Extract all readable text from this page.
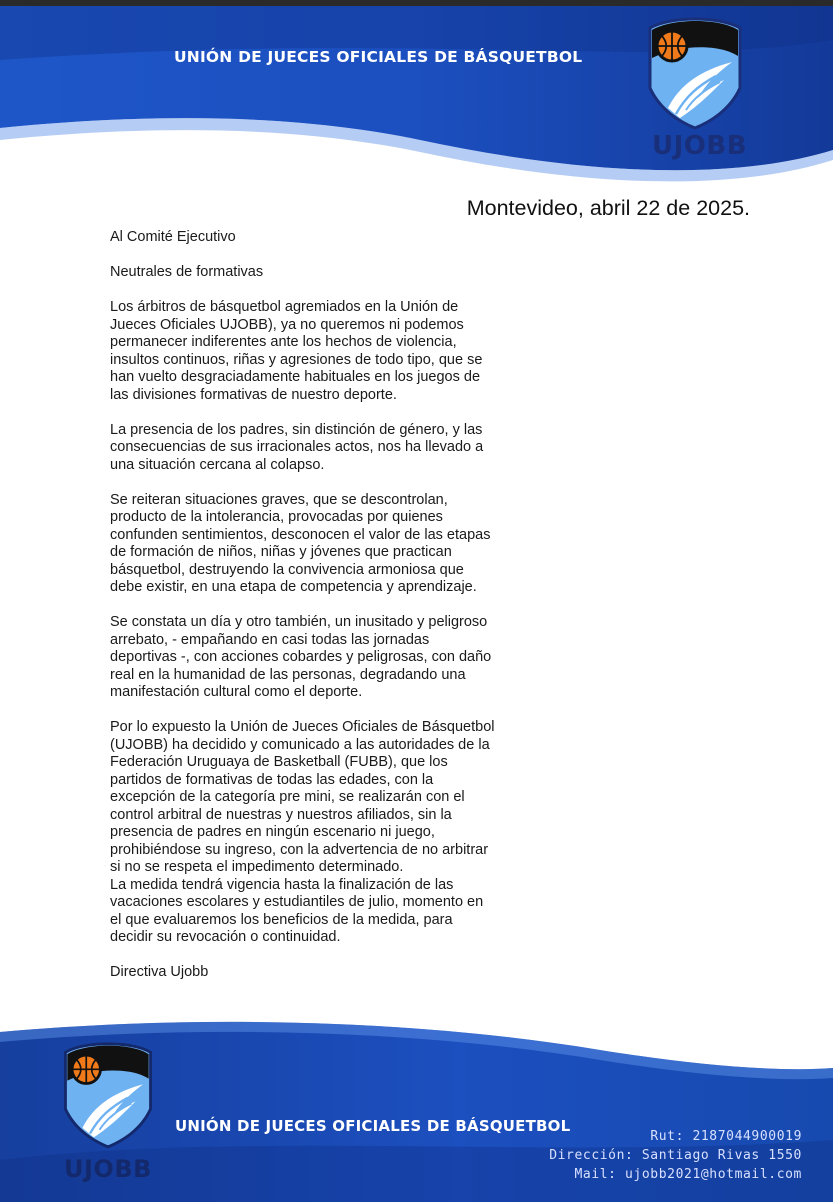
UNIÓN DE JUECES OFICIALES DE BÁSQUETBOL
UJOBB
Montevideo, abril 22 de 2025.
Al Comité Ejecutivo
Neutrales de formativas
Los árbitros de básquetbol agremiados en la Unión de
Jueces Oficiales UJOBB), ya no queremos ni podemos
permanecer indiferentes ante los hechos de violencia,
insultos continuos, riñas y agresiones de todo tipo, que se
han vuelto desgraciadamente habituales en los juegos de
las divisiones formativas de nuestro deporte.
La presencia de los padres, sin distinción de género, y las
consecuencias de sus irracionales actos, nos ha llevado a
una situación cercana al colapso.
Se reiteran situaciones graves, que se descontrolan,
producto de la intolerancia, provocadas por quienes
confunden sentimientos, desconocen el valor de las etapas
de formación de niños, niñas y jóvenes que practican
básquetbol, destruyendo la convivencia armoniosa que
debe existir, en una etapa de competencia y aprendizaje.
Se constata un día y otro también, un inusitado y peligroso
arrebato, - empañando en casi todas las jornadas
deportivas -, con acciones cobardes y peligrosas, con daño
real en la humanidad de las personas, degradando una
manifestación cultural como el deporte.
Por lo expuesto la Unión de Jueces Oficiales de Básquetbol
(UJOBB) ha decidido y comunicado a las autoridades de la
Federación Uruguaya de Basketball (FUBB), que los
partidos de formativas de todas las edades, con la
excepción de la categoría pre mini, se realizarán con el
control arbitral de nuestras y nuestros afiliados, sin la
presencia de padres en ningún escenario ni juego,
prohibiéndose su ingreso, con la advertencia de no arbitrar
si no se respeta el impedimento determinado.
La medida tendrá vigencia hasta la finalización de las
vacaciones escolares y estudiantiles de julio, momento en
el que evaluaremos los beneficios de la medida, para
decidir su revocación o continuidad.
Directiva Ujobb
UJOBB
UNIÓN DE JUECES OFICIALES DE BÁSQUETBOL
Rut: 2187044900019
Dirección: Santiago Rivas 1550
Mail: ujobb2021@hotmail.com
